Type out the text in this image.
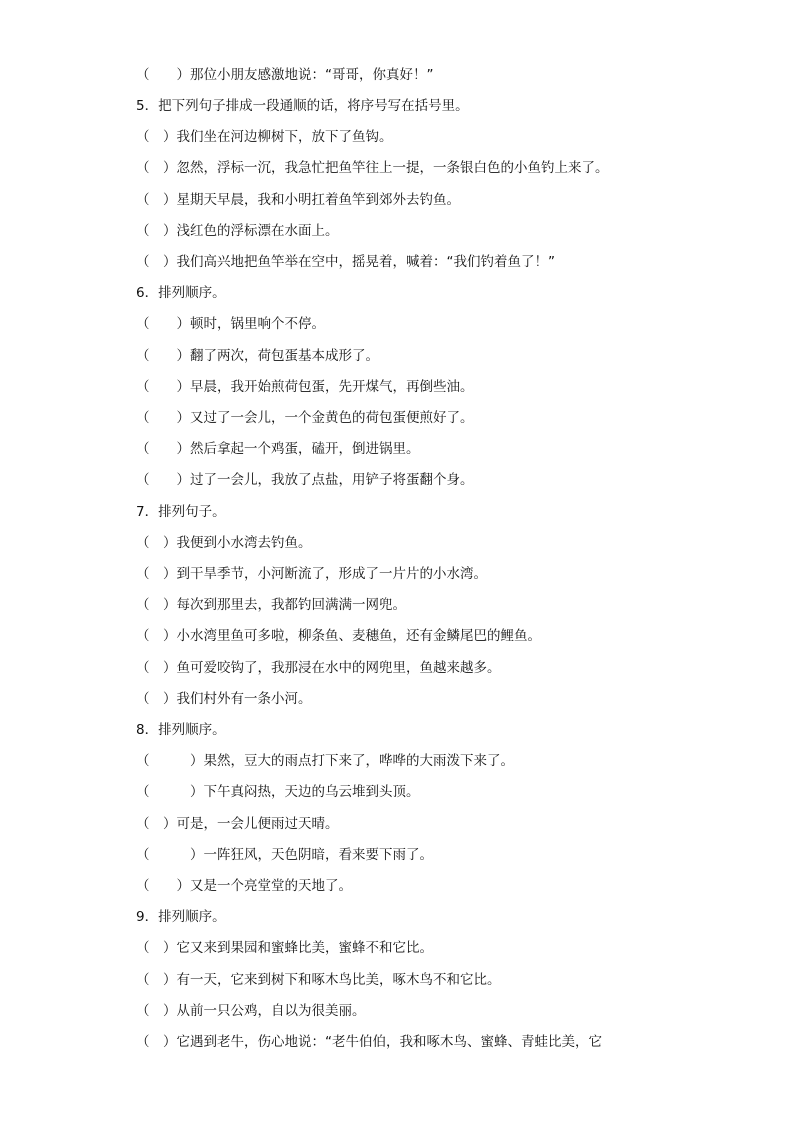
（　　）那位小朋友感激地说：“哥哥，你真好！”
5．把下列句子排成一段通顺的话，将序号写在括号里。
（　）我们坐在河边柳树下，放下了鱼钩。
（　）忽然，浮标一沉，我急忙把鱼竿往上一提，一条银白色的小鱼钓上来了。
（　）星期天早晨，我和小明扛着鱼竿到郊外去钓鱼。
（　）浅红色的浮标漂在水面上。
（　）我们高兴地把鱼竿举在空中，摇晃着，喊着：“我们钓着鱼了！”
6．排列顺序。
（　　）顿时，锅里响个不停。
（　　）翻了两次，荷包蛋基本成形了。
（　　）早晨，我开始煎荷包蛋，先开煤气，再倒些油。
（　　）又过了一会儿，一个金黄色的荷包蛋便煎好了。
（　　）然后拿起一个鸡蛋，磕开，倒进锅里。
（　　）过了一会儿，我放了点盐，用铲子将蛋翻个身。
7．排列句子。
（　）我便到小水湾去钓鱼。
（　）到干旱季节，小河断流了，形成了一片片的小水湾。
（　）每次到那里去，我都钓回满满一网兜。
（　）小水湾里鱼可多啦，柳条鱼、麦穗鱼，还有金鳞尾巴的鲤鱼。
（　）鱼可爱咬钩了，我那浸在水中的网兜里，鱼越来越多。
（　）我们村外有一条小河。
8．排列顺序。
（　　　）果然，豆大的雨点打下来了，哗哗的大雨泼下来了。
（　　　）下午真闷热，天边的乌云堆到头顶。
（　）可是，一会儿便雨过天晴。
（　　　）一阵狂风，天色阴暗，看来要下雨了。
（　　）又是一个亮堂堂的天地了。
9．排列顺序。
（　）它又来到果园和蜜蜂比美，蜜蜂不和它比。
（　）有一天，它来到树下和啄木鸟比美，啄木鸟不和它比。
（　）从前一只公鸡，自以为很美丽。
（　）它遇到老牛，伤心地说：“老牛伯伯，我和啄木鸟、蜜蜂、青蛙比美，它
